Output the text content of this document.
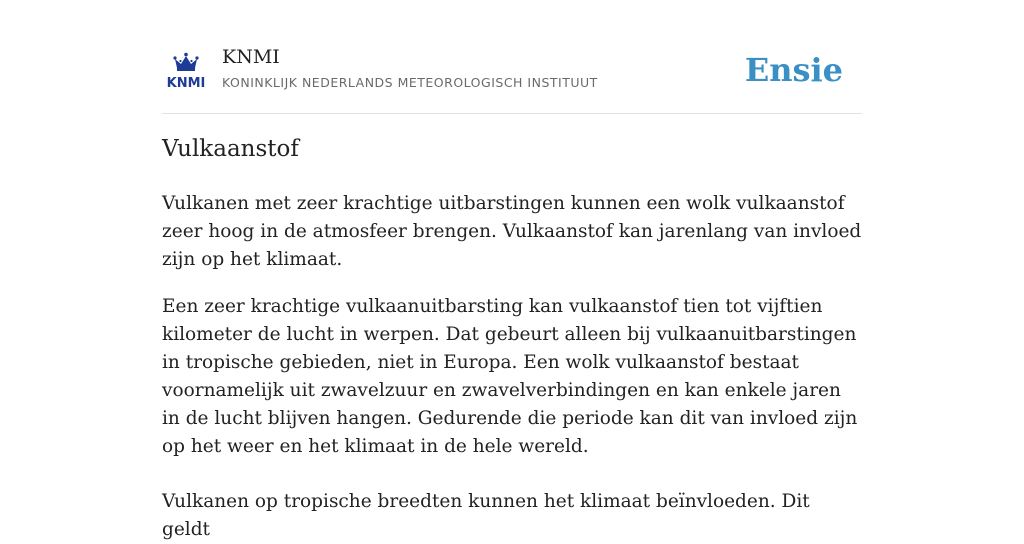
KNMI
KNMI
KONINKLIJK NEDERLANDS METEOROLOGISCH INSTITUUT	Ensie
Vulkaanstof

Vulkanen met zeer krachtige uitbarstingen kunnen een wolk vulkaanstof zeer hoog in de atmosfeer brengen. Vulkaanstof kan jarenlang van invloed zijn op het klimaat.

Een zeer krachtige vulkaanuitbarsting kan vulkaanstof tien tot vijftien kilometer de lucht in werpen. Dat gebeurt alleen bij vulkaanuitbarstingen in tropische gebieden, niet in Europa. Een wolk vulkaanstof bestaat voornamelijk uit zwavelzuur en zwavelverbindingen en kan enkele jaren in de lucht blijven hangen. Gedurende die periode kan dit van invloed zijn op het weer en het klimaat in de hele wereld.

Vulkanen op tropische breedten kunnen het klimaat beïnvloeden. Dit geldt
